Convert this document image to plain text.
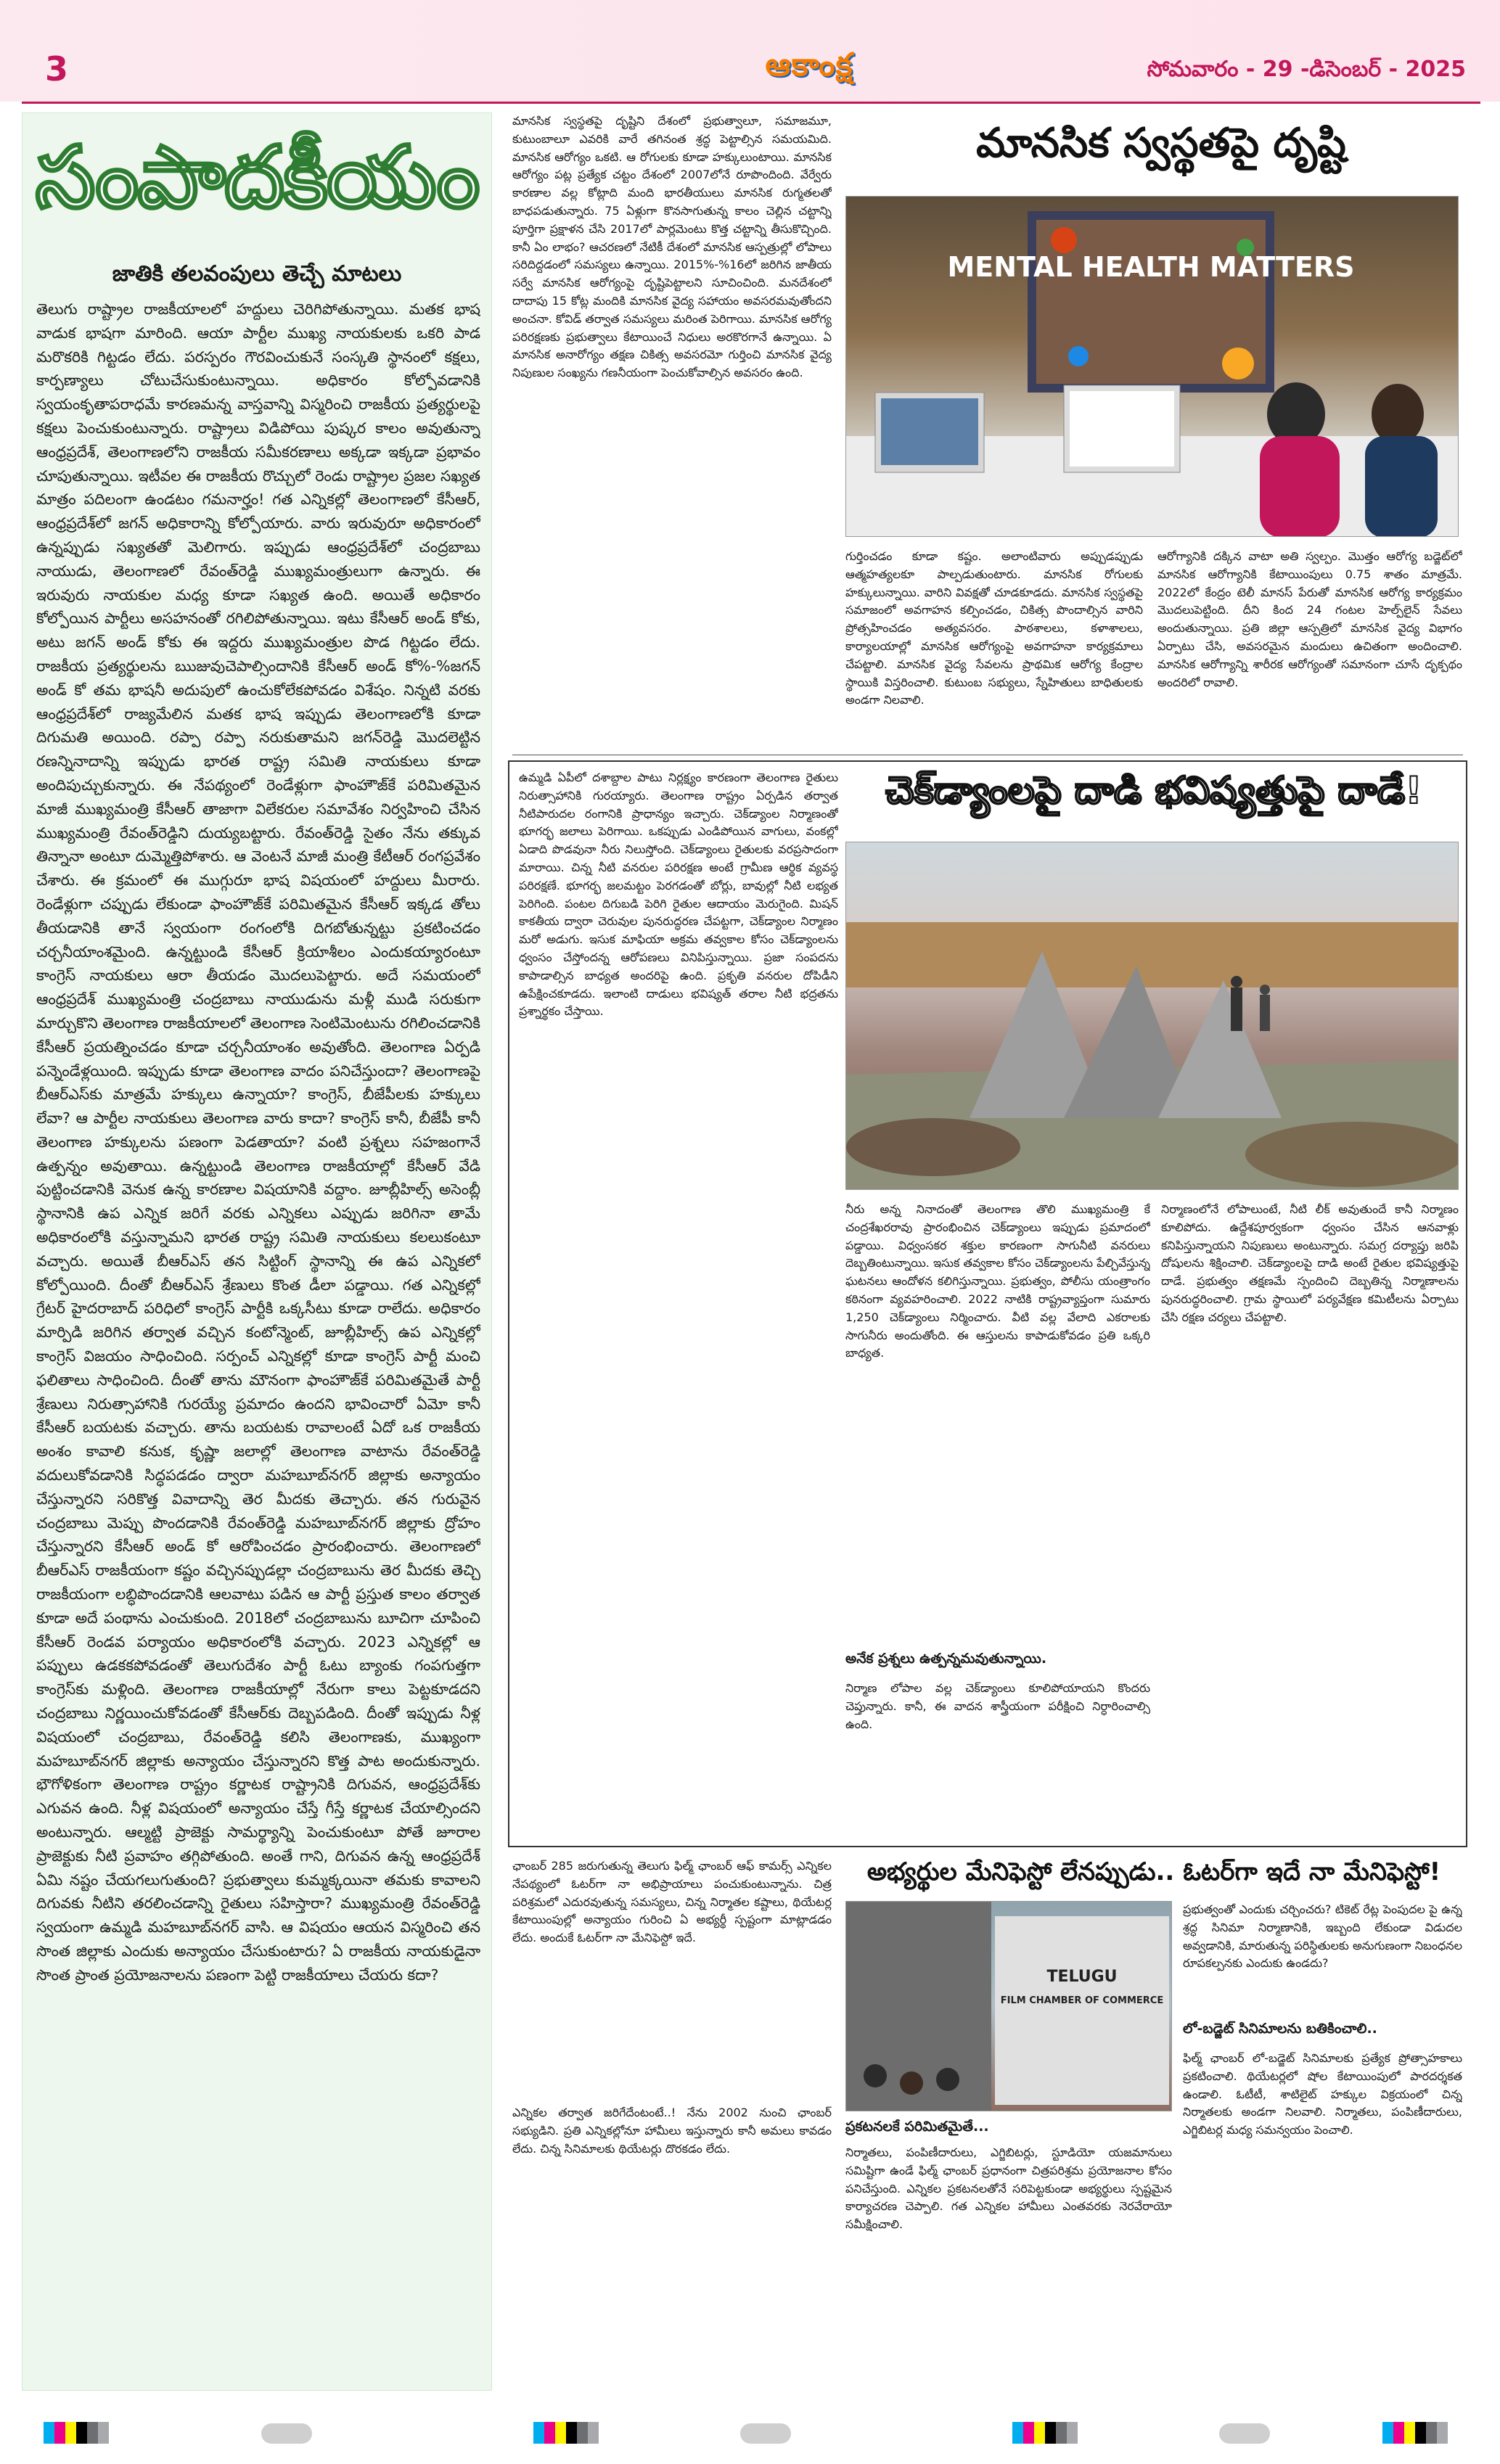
3	ఆకాంక్ష	సోమవారం - 29 -డిసెంబర్ - 2025
సంపాదకీయం
జాతికి తలవంపులు తెచ్చే మాటలు
తెలుగు రాష్ట్రాల రాజకీయాలలో హద్దులు చెరిగిపోతున్నాయి. మతక భాష వాడుక భాషగా మారింది. ఆయా పార్టీల ముఖ్య నాయకులకు ఒకరి పాడ మరొకరికి గిట్టడం లేదు. పరస్పరం గౌరవించుకునే సంస్కతి స్థానంలో కక్షలు, కార్పణ్యాలు చోటుచేసుకుంటున్నాయి. అధికారం కోల్పోవడానికి స్వయంకృతాపరాధమే కారణమన్న వాస్తవాన్ని విస్మరించి రాజకీయ ప్రత్యర్థులపై కక్షలు పెంచుకుంటున్నారు. రాష్ట్రాలు విడిపోయి పుష్కర కాలం అవుతున్నా ఆంధ్రప్రదేశ్, తెలంగాణలోని రాజకీయ సమీకరణాలు అక్కడా ఇక్కడా ప్రభావం చూపుతున్నాయి. ఇటీవల ఈ రాజకీయ రొచ్చులో రెండు రాష్ట్రాల ప్రజల సఖ్యత మాత్రం పదిలంగా ఉండటం గమనార్హం! గత ఎన్నికల్లో తెలంగాణలో కేసీఆర్, ఆంధ్రప్రదేశ్‌లో జగన్ అధికారాన్ని కోల్పోయారు. వారు ఇరువురూ అధికారంలో ఉన్నప్పుడు సఖ్యతతో మెలిగారు. ఇప్పుడు ఆంధ్రప్రదేశ్‌లో చంద్రబాబు నాయుడు, తెలంగాణలో రేవంత్‌రెడ్డి ముఖ్యమంత్రులుగా ఉన్నారు. ఈ ఇరువురు నాయకుల మధ్య కూడా సఖ్యత ఉంది. అయితే అధికారం కోల్పోయిన పార్టీలు అసహనంతో రగిలిపోతున్నాయి. ఇటు కేసీఆర్ అండ్ కోకు, అటు జగన్ అండ్ కోకు ఈ ఇద్దరు ముఖ్యమంత్రుల పొడ గిట్టడం లేదు. రాజకీయ ప్రత్యర్థులను ఋజువుచెపాల్సిందానికి కేసీఆర్ అండ్ కో%-%జగన్ అండ్ కో తమ భాషనీ అదుపులో ఉంచుకోలేకపోవడం విశేషం. నిన్నటి వరకు ఆంధ్రప్రదేశ్‌లో రాజ్యమేలిన మతక భాష ఇప్పుడు తెలంగాణలోకి కూడా దిగుమతి అయింది. రప్పా రప్పా నరుకుతామని జగన్‌రెడ్డి మొదలెట్టిన రణన్నినాదాన్ని ఇప్పుడు భారత రాష్ట్ర సమితి నాయకులు కూడా అందిపుచ్చుకున్నారు. ఈ నేపథ్యంలో రెండేళ్లుగా ఫాంహౌజ్‌కే పరిమితమైన మాజీ ముఖ్యమంత్రి కేసీఆర్ తాజాగా విలేకరుల సమావేశం నిర్వహించి చేసిన ముఖ్యమంత్రి రేవంత్‌రెడ్డిని దుయ్యబట్టారు. రేవంత్‌రెడ్డి సైతం నేను తక్కువ తిన్నానా అంటూ దుమ్మెత్తిపోశారు. ఆ వెంటనే మాజీ మంత్రి కేటీఆర్ రంగప్రవేశం చేశారు. ఈ క్రమంలో ఈ ముగ్గురూ భాష విషయంలో హద్దులు మీరారు. రెండేళ్లుగా చప్పుడు లేకుండా ఫాంహౌజ్‌కే పరిమితమైన కేసీఆర్ ఇక్కడ తోలు తీయడానికి తానే స్వయంగా రంగంలోకి దిగబోతున్నట్టు ప్రకటించడం చర్చనీయాంశమైంది. ఉన్నట్టుండి కేసీఆర్ క్రియాశీలం ఎందుకయ్యారంటూ కాంగ్రెస్ నాయకులు ఆరా తీయడం మొదలుపెట్టారు. అదే సమయంలో ఆంధ్రప్రదేశ్ ముఖ్యమంత్రి చంద్రబాబు నాయుడును మళ్లీ ముడి సరుకుగా మార్చుకొని తెలంగాణ రాజకీయాలలో తెలంగాణ సెంటిమెంటును రగిలించడానికి కేసీఆర్ ప్రయత్నించడం కూడా చర్చనీయాంశం అవుతోంది. తెలంగాణ ఏర్పడి పన్నెండేళ్లయింది. ఇప్పుడు కూడా తెలంగాణ వాదం పనిచేస్తుందా? తెలంగాణపై బీఆర్ఎస్‌కు మాత్రమే హక్కులు ఉన్నాయా? కాంగ్రెస్, బీజేపీలకు హక్కులు లేవా? ఆ పార్టీల నాయకులు తెలంగాణ వారు కాదా? కాంగ్రెస్ కానీ, బీజేపీ కానీ తెలంగాణ హక్కులను పణంగా పెడతాయా? వంటి ప్రశ్నలు సహజంగానే ఉత్పన్నం అవుతాయి. ఉన్నట్టుండి తెలంగాణ రాజకీయాల్లో కేసీఆర్ వేడి పుట్టించడానికి వెనుక ఉన్న కారణాల విషయానికి వద్దాం. జూబ్లీహిల్స్ అసెంబ్లీ స్థానానికి ఉప ఎన్నిక జరిగే వరకు ఎన్నికలు ఎప్పుడు జరిగినా తామే అధికారంలోకి వస్తున్నామని భారత రాష్ట్ర సమితి నాయకులు కలలుకంటూ వచ్చారు. అయితే బీఆర్ఎస్ తన సిట్టింగ్ స్థానాన్ని ఈ ఉప ఎన్నికలో కోల్పోయింది. దీంతో బీఆర్ఎస్ శ్రేణులు కొంత డీలా పడ్డాయి. గత ఎన్నికల్లో గ్రేటర్ హైదరాబాద్ పరిధిలో కాంగ్రెస్ పార్టీకి ఒక్కసీటు కూడా రాలేదు. అధికారం మార్పిడి జరిగిన తర్వాత వచ్చిన కంటోన్మెంట్, జూబ్లీహిల్స్ ఉప ఎన్నికల్లో కాంగ్రెస్ విజయం సాధించింది. సర్పంచ్ ఎన్నికల్లో కూడా కాంగ్రెస్ పార్టీ మంచి ఫలితాలు సాధించింది. దీంతో తాను మౌనంగా ఫాంహౌజ్‌కే పరిమితమైతే పార్టీ శ్రేణులు నిరుత్సాహానికి గురయ్యే ప్రమాదం ఉందని భావించారో ఏమో కానీ కేసీఆర్ బయటకు వచ్చారు. తాను బయటకు రావాలంటే ఏదో ఒక రాజకీయ అంశం కావాలి కనుక, కృష్ణా జలాల్లో తెలంగాణ వాటాను రేవంత్‌రెడ్డి వదులుకోవడానికి సిద్ధపడడం ద్వారా మహబూబ్‌నగర్ జిల్లాకు అన్యాయం చేస్తున్నారని సరికొత్త వివాదాన్ని తెర మీదకు తెచ్చారు. తన గురువైన చంద్రబాబు మెప్పు పొందడానికి రేవంత్‌రెడ్డి మహబూబ్‌నగర్ జిల్లాకు ద్రోహం చేస్తున్నారని కేసీఆర్ అండ్ కో ఆరోపించడం ప్రారంభించారు. తెలంగాణలో బీఆర్ఎస్ రాజకీయంగా కష్టం వచ్చినప్పుడల్లా చంద్రబాబును తెర మీదకు తెచ్చి రాజకీయంగా లబ్ధిపొందడానికి ఆలవాటు పడిన ఆ పార్టీ ప్రస్తుత కాలం తర్వాత కూడా అదే పంథాను ఎంచుకుంది. 2018లో చంద్రబాబును బూచిగా చూపించి కేసీఆర్ రెండవ పర్యాయం అధికారంలోకి వచ్చారు. 2023 ఎన్నికల్లో ఆ పప్పులు ఉడకకపోవడంతో తెలుగుదేశం పార్టీ ఓటు బ్యాంకు గంపగుత్తగా కాంగ్రెస్‌కు మళ్లింది. తెలంగాణ రాజకీయాల్లో నేరుగా కాలు పెట్టకూడదని చంద్రబాబు నిర్ణయించుకోవడంతో కేసీఆర్‌కు దెబ్బపడింది. దీంతో ఇప్పుడు నీళ్ల విషయంలో చంద్రబాబు, రేవంత్‌రెడ్డి కలిసి తెలంగాణకు, ముఖ్యంగా మహబూబ్‌నగర్ జిల్లాకు అన్యాయం చేస్తున్నారని కొత్త పాట అందుకున్నారు. భౌగోళికంగా తెలంగాణ రాష్ట్రం కర్ణాటక రాష్ట్రానికి దిగువన, ఆంధ్రప్రదేశ్‌కు ఎగువన ఉంది. నీళ్ల విషయంలో అన్యాయం చేస్తే గీస్తే కర్ణాటక చేయాల్సిందని అంటున్నారు. ఆల్మట్టి ప్రాజెక్టు సామర్థ్యాన్ని పెంచుకుంటూ పోతే జూరాల ప్రాజెక్టుకు నీటి ప్రవాహం తగ్గిపోతుంది. అంతే గాని, దిగువన ఉన్న ఆంధ్రప్రదేశ్ ఏమి నష్టం చేయగలుగుతుంది? ప్రభుత్వాలు కుమ్మక్కయినా తమకు కావాలని దిగువకు నీటిని తరలించడాన్ని రైతులు సహిస్తారా? ముఖ్యమంత్రి రేవంత్‌రెడ్డి స్వయంగా ఉమ్మడి మహబూబ్‌నగర్ వాసి. ఆ విషయం ఆయన విస్మరించి తన సొంత జిల్లాకు ఎందుకు అన్యాయం చేసుకుంటారు? ఏ రాజకీయ నాయకుడైనా సొంత ప్రాంత ప్రయోజనాలను పణంగా పెట్టి రాజకీయాలు చేయరు కదా?
మానసిక స్వస్థతపై దృష్టిని దేశంలో ప్రభుత్వాలూ, సమాజమూ, కుటుంబాలూ ఎవరికి వారే తగినంత శ్రద్ధ పెట్టాల్సిన సమయమిది. మానసిక ఆరోగ్యం ఒకటి. ఆ రోగులకు కూడా హక్కులుంటాయి. మానసిక ఆరోగ్యం పట్ల ప్రత్యేక చట్టం దేశంలో 2007లోనే రూపొందింది. వేర్వేరు కారణాల వల్ల కోట్లాది మంది భారతీయులు మానసిక రుగ్మతలతో బాధపడుతున్నారు. 75 ఏళ్లుగా కొనసాగుతున్న కాలం చెల్లిన చట్టాన్ని పూర్తిగా ప్రక్షాళన చేసి 2017లో పార్లమెంటు కొత్త చట్టాన్ని తీసుకొచ్చింది. కానీ ఏం లాభం? ఆచరణలో నేటికీ దేశంలో మానసిక ఆస్పత్రుల్లో లోపాలు సరిదిద్దడంలో సమస్యలు ఉన్నాయి. 2015%-%16లో జరిగిన జాతీయ సర్వే మానసిక ఆరోగ్యంపై దృష్టిపెట్టాలని సూచించింది. మనదేశంలో దాదాపు 15 కోట్ల మందికి మానసిక వైద్య సహాయం అవసరమవుతోందని అంచనా. కోవిడ్ తర్వాత సమస్యలు మరింత పెరిగాయి. మానసిక ఆరోగ్య పరిరక్షణకు ప్రభుత్వాలు కేటాయించే నిధులు అరకొరగానే ఉన్నాయి. ఏ మానసిక అనారోగ్యం తక్షణ చికిత్స అవసరమో గుర్తించి మానసిక వైద్య నిపుణుల సంఖ్యను గణనీయంగా పెంచుకోవాల్సిన అవసరం ఉంది.
మానసిక స్వస్థతపై దృష్టి
MENTAL HEALTH MATTERS
గుర్తించడం కూడా కష్టం. అలాంటివారు అప్పుడప్పుడు ఆత్మహత్యలకూ పాల్పడుతుంటారు. మానసిక రోగులకు హక్కులున్నాయి. వారిని వివక్షతో చూడకూడదు. మానసిక స్వస్థతపై సమాజంలో అవగాహన కల్పించడం, చికిత్స పొందాల్సిన వారిని ప్రోత్సహించడం అత్యవసరం. పాఠశాలలు, కళాశాలలు, కార్యాలయాల్లో మానసిక ఆరోగ్యంపై అవగాహనా కార్యక్రమాలు చేపట్టాలి. మానసిక వైద్య సేవలను ప్రాథమిక ఆరోగ్య కేంద్రాల స్థాయికి విస్తరించాలి. కుటుంబ సభ్యులు, స్నేహితులు బాధితులకు అండగా నిలవాలి.
ఆరోగ్యానికి దక్కిన వాటా అతి స్వల్పం. మొత్తం ఆరోగ్య బడ్జెట్‌లో మానసిక ఆరోగ్యానికి కేటాయింపులు 0.75 శాతం మాత్రమే. 2022లో కేంద్రం టెలీ మానస్ పేరుతో మానసిక ఆరోగ్య కార్యక్రమం మొదలుపెట్టింది. దీని కింద 24 గంటల హెల్ప్‌లైన్ సేవలు అందుతున్నాయి. ప్రతి జిల్లా ఆస్పత్రిలో మానసిక వైద్య విభాగం ఏర్పాటు చేసి, అవసరమైన మందులు ఉచితంగా అందించాలి. మానసిక ఆరోగ్యాన్ని శారీరక ఆరోగ్యంతో సమానంగా చూసే దృక్పథం అందరిలో రావాలి.
ఉమ్మడి ఏపీలో దశాబ్దాల పాటు నిర్లక్ష్యం కారణంగా తెలంగాణ రైతులు నిరుత్సాహానికి గురయ్యారు. తెలంగాణ రాష్ట్రం ఏర్పడిన తర్వాత నీటిపారుదల రంగానికి ప్రాధాన్యం ఇచ్చారు. చెక్‌డ్యాంల నిర్మాణంతో భూగర్భ జలాలు పెరిగాయి. ఒకప్పుడు ఎండిపోయిన వాగులు, వంకల్లో ఏడాది పొడవునా నీరు నిలుస్తోంది. చెక్‌డ్యాంలు రైతులకు వరప్రసాదంగా మారాయి. చిన్న నీటి వనరుల పరిరక్షణ అంటే గ్రామీణ ఆర్థిక వ్యవస్థ పరిరక్షణే. భూగర్భ జలమట్టం పెరగడంతో బోర్లు, బావుల్లో నీటి లభ్యత పెరిగింది. పంటల దిగుబడి పెరిగి రైతుల ఆదాయం మెరుగైంది. మిషన్ కాకతీయ ద్వారా చెరువుల పునరుద్ధరణ చేపట్టగా, చెక్‌డ్యాంల నిర్మాణం మరో అడుగు. ఇసుక మాఫియా అక్రమ తవ్వకాల కోసం చెక్‌డ్యాంలను ధ్వంసం చేస్తోందన్న ఆరోపణలు వినిపిస్తున్నాయి. ప్రజా సంపదను కాపాడాల్సిన బాధ్యత అందరిపై ఉంది. ప్రకృతి వనరుల దోపిడీని ఉపేక్షించకూడదు. ఇలాంటి దాడులు భవిష్యత్ తరాల నీటి భద్రతను ప్రశ్నార్థకం చేస్తాయి.
చెక్‌డ్యాంలపై దాడి భవిష్యత్తుపై దాడే!
నీరు అన్న నినాదంతో తెలంగాణ తొలి ముఖ్యమంత్రి కే చంద్రశేఖరరావు ప్రారంభించిన చెక్‌డ్యాంలు ఇప్పుడు ప్రమాదంలో పడ్డాయి. విధ్వంసకర శక్తుల కారణంగా సాగునీటి వనరులు దెబ్బతింటున్నాయి. ఇసుక తవ్వకాల కోసం చెక్‌డ్యాంలను పేల్చివేస్తున్న ఘటనలు ఆందోళన కలిగిస్తున్నాయి. ప్రభుత్వం, పోలీసు యంత్రాంగం కఠినంగా వ్యవహరించాలి. 2022 నాటికి రాష్ట్రవ్యాప్తంగా సుమారు 1,250 చెక్‌డ్యాంలు నిర్మించారు. వీటి వల్ల వేలాది ఎకరాలకు సాగునీరు అందుతోంది. ఈ ఆస్తులను కాపాడుకోవడం ప్రతి ఒక్కరి బాధ్యత.
అనేక ప్రశ్నలు ఉత్పన్నమవుతున్నాయి.
నిర్మాణ లోపాల వల్ల చెక్‌డ్యాంలు కూలిపోయాయని కొందరు చెప్తున్నారు. కానీ, ఈ వాదన శాస్త్రీయంగా పరీక్షించి నిర్ధారించాల్సి ఉంది.
నిర్మాణంలోనే లోపాలుంటే, నీటి లీక్ అవుతుందే కానీ నిర్మాణం కూలిపోదు. ఉద్దేశపూర్వకంగా ధ్వంసం చేసిన ఆనవాళ్లు కనిపిస్తున్నాయని నిపుణులు అంటున్నారు. సమగ్ర దర్యాప్తు జరిపి దోషులను శిక్షించాలి. చెక్‌డ్యాంలపై దాడి అంటే రైతుల భవిష్యత్తుపై దాడే. ప్రభుత్వం తక్షణమే స్పందించి దెబ్బతిన్న నిర్మాణాలను పునరుద్ధరించాలి. గ్రామ స్థాయిలో పర్యవేక్షణ కమిటీలను ఏర్పాటు చేసి రక్షణ చర్యలు చేపట్టాలి.
ఛాంబర్ 285 జరుగుతున్న తెలుగు ఫిల్మ్ ఛాంబర్ ఆఫ్ కామర్స్ ఎన్నికల నేపథ్యంలో ఓటర్‌గా నా అభిప్రాయాలు పంచుకుంటున్నాను. చిత్ర పరిశ్రమలో ఎదురవుతున్న సమస్యలు, చిన్న నిర్మాతల కష్టాలు, థియేటర్ల కేటాయింపుల్లో అన్యాయం గురించి ఏ అభ్యర్థీ స్పష్టంగా మాట్లాడడం లేదు. అందుకే ఓటర్‌గా నా మేనిఫెస్టో ఇదే.
అభ్యర్థుల మేనిఫెస్టో లేనప్పుడు.. ఓటర్‌గా ఇదే నా మేనిఫెస్టో!
TELUGU
FILM CHAMBER OF COMMERCE
ప్రకటనలకే పరిమితమైతే...
నిర్మాతలు, పంపిణీదారులు, ఎగ్జిబిటర్లు, స్టూడియో యజమానులు సమిష్టిగా ఉండే ఫిల్మ్ ఛాంబర్ ప్రధానంగా చిత్రపరిశ్రమ ప్రయోజనాల కోసం పనిచేస్తుంది. ఎన్నికల ప్రకటనలతోనే సరిపెట్టకుండా అభ్యర్థులు స్పష్టమైన కార్యాచరణ చెప్పాలి. గత ఎన్నికల హామీలు ఎంతవరకు నెరవేరాయో సమీక్షించాలి.
ఎన్నికల తర్వాత జరిగేదేంటంటే..! నేను 2002 నుంచి ఛాంబర్ సభ్యుడిని. ప్రతి ఎన్నికల్లోనూ హామీలు ఇస్తున్నారు కానీ అమలు కావడం లేదు. చిన్న సినిమాలకు థియేటర్లు దొరకడం లేదు.
ప్రభుత్వంతో ఎందుకు చర్చించరు? టికెట్ రేట్ల పెంపుదల పై ఉన్న శ్రద్ధ సినిమా నిర్మాణానికి, ఇబ్బంది లేకుండా విడుదల అవ్వడానికి, మారుతున్న పరిస్థితులకు అనుగుణంగా నిబంధనల రూపకల్పనకు ఎందుకు ఉండదు?
లో-బడ్జెట్ సినిమాలను బతికించాలి..
ఫిల్మ్ ఛాంబర్ లో-బడ్జెట్ సినిమాలకు ప్రత్యేక ప్రోత్సాహకాలు ప్రకటించాలి. థియేటర్లలో షోల కేటాయింపులో పారదర్శకత ఉండాలి. ఓటీటీ, శాటిలైట్ హక్కుల విక్రయంలో చిన్న నిర్మాతలకు అండగా నిలవాలి. నిర్మాతలు, పంపిణీదారులు, ఎగ్జిబిటర్ల మధ్య సమన్వయం పెంచాలి.
